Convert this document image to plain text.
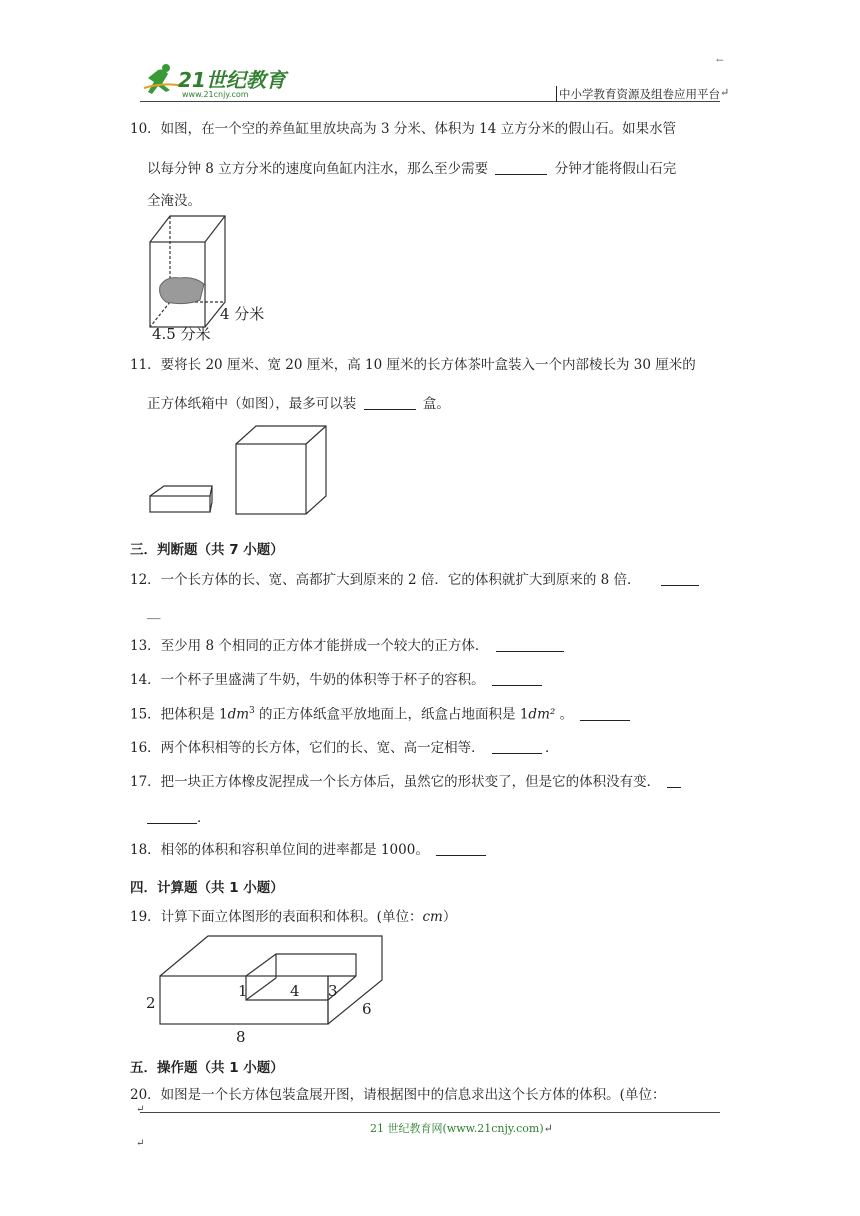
←
21世纪教育
www.21cnjy.com	中小学教育资源及组卷应用平台 ↵
10．如图，在一个空的养鱼缸里放块高为 3 分米、体积为 14 立方分米的假山石。如果水管
以每分钟 8 立方分米的速度向鱼缸内注水，那么至少需要	分钟才能将假山石完
全淹没。
4 分米
4.5 分米
11．要将长 20 厘米、宽 20 厘米，高 10 厘米的长方体茶叶盒装入一个内部棱长为 30 厘米的
正方体纸箱中（如图），最多可以装	盒。
三．判断题（共 7 小题）
12．一个长方体的长、宽、高都扩大到原来的 2 倍．它的体积就扩大到原来的 8 倍．
__
13．至少用 8 个相同的正方体才能拼成一个较大的正方体．
14．一个杯子里盛满了牛奶，牛奶的体积等于杯子的容积。
15．把体积是 $1dm^3$ 的正方体纸盒平放地面上，纸盒占地面积是 1dm² 。
16．两个体积相等的长方体，它们的长、宽、高一定相等．	．
17．把一块正方体橡皮泥捏成一个长方体后，虽然它的形状变了，但是它的体积没有变．
．
18．相邻的体积和容积单位间的进率都是 1000。
四．计算题（共 1 小题）
19．计算下面立体图形的表面积和体积。(单位：cm）
2
1	4 3
6
8
五．操作题（共 1 小题）
20．如图是一个长方体包装盒展开图，请根据图中的信息求出这个长方体的体积。(单位：
↵
21 世纪教育网(www.21cnjy.com)↵
↵
